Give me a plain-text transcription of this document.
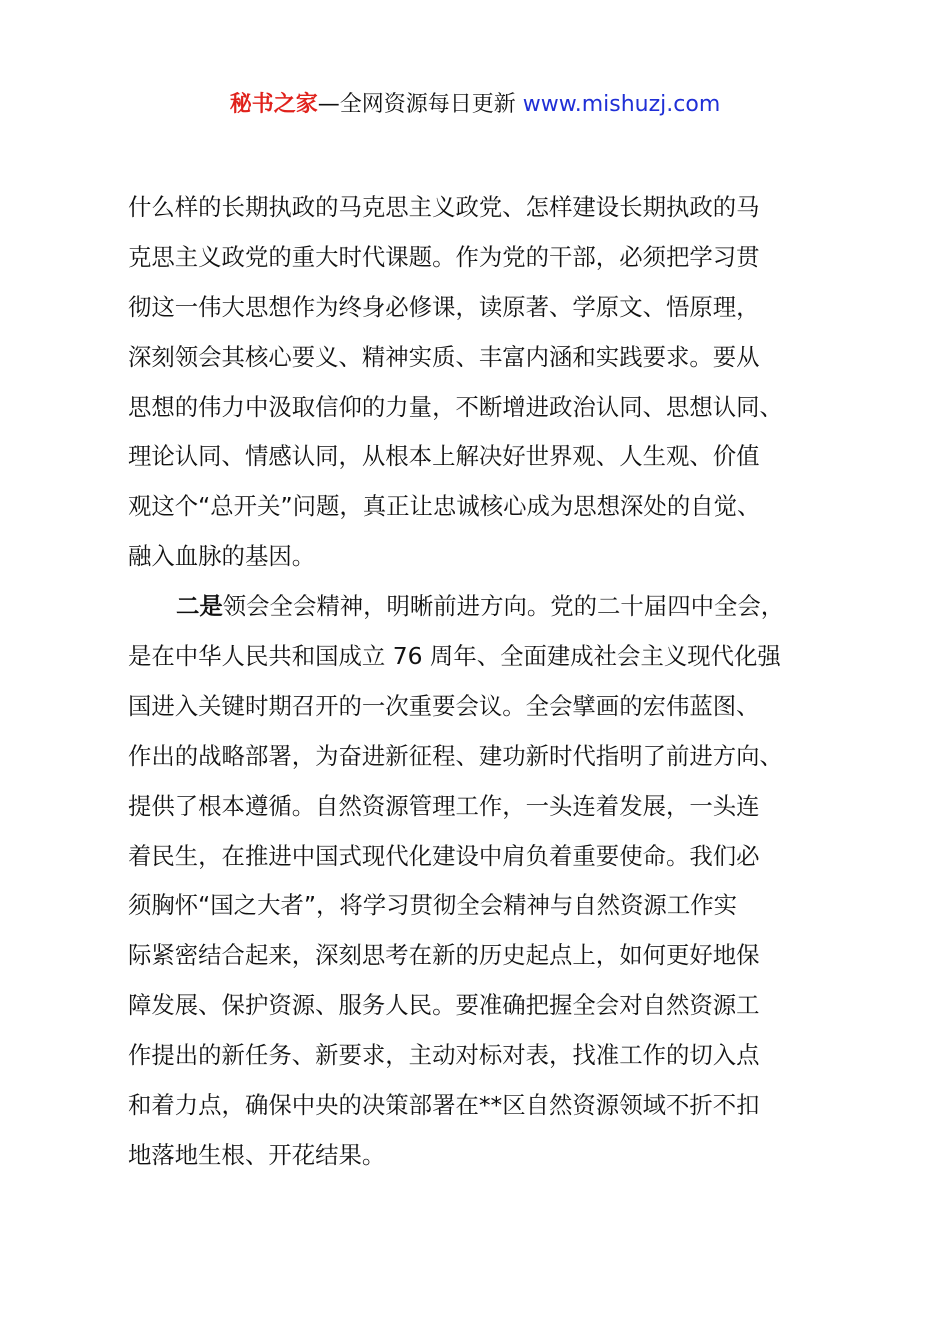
秘书之家—全网资源每日更新 www.mishuzj.com
什么样的长期执政的马克思主义政党、怎样建设长期执政的马
克思主义政党的重大时代课题。作为党的干部，必须把学习贯
彻这一伟大思想作为终身必修课，读原著、学原文、悟原理，
深刻领会其核心要义、精神实质、丰富内涵和实践要求。要从
思想的伟力中汲取信仰的力量，不断增进政治认同、思想认同、
理论认同、情感认同，从根本上解决好世界观、人生观、价值
观这个“总开关”问题，真正让忠诚核心成为思想深处的自觉、
融入血脉的基因。
二是领会全会精神，明晰前进方向。党的二十届四中全会，
是在中华人民共和国成立 76 周年、全面建成社会主义现代化强
国进入关键时期召开的一次重要会议。全会擘画的宏伟蓝图、
作出的战略部署，为奋进新征程、建功新时代指明了前进方向、
提供了根本遵循。自然资源管理工作，一头连着发展，一头连
着民生，在推进中国式现代化建设中肩负着重要使命。我们必
须胸怀“国之大者”，将学习贯彻全会精神与自然资源工作实
际紧密结合起来，深刻思考在新的历史起点上，如何更好地保
障发展、保护资源、服务人民。要准确把握全会对自然资源工
作提出的新任务、新要求，主动对标对表，找准工作的切入点
和着力点，确保中央的决策部署在**区自然资源领域不折不扣
地落地生根、开花结果。
